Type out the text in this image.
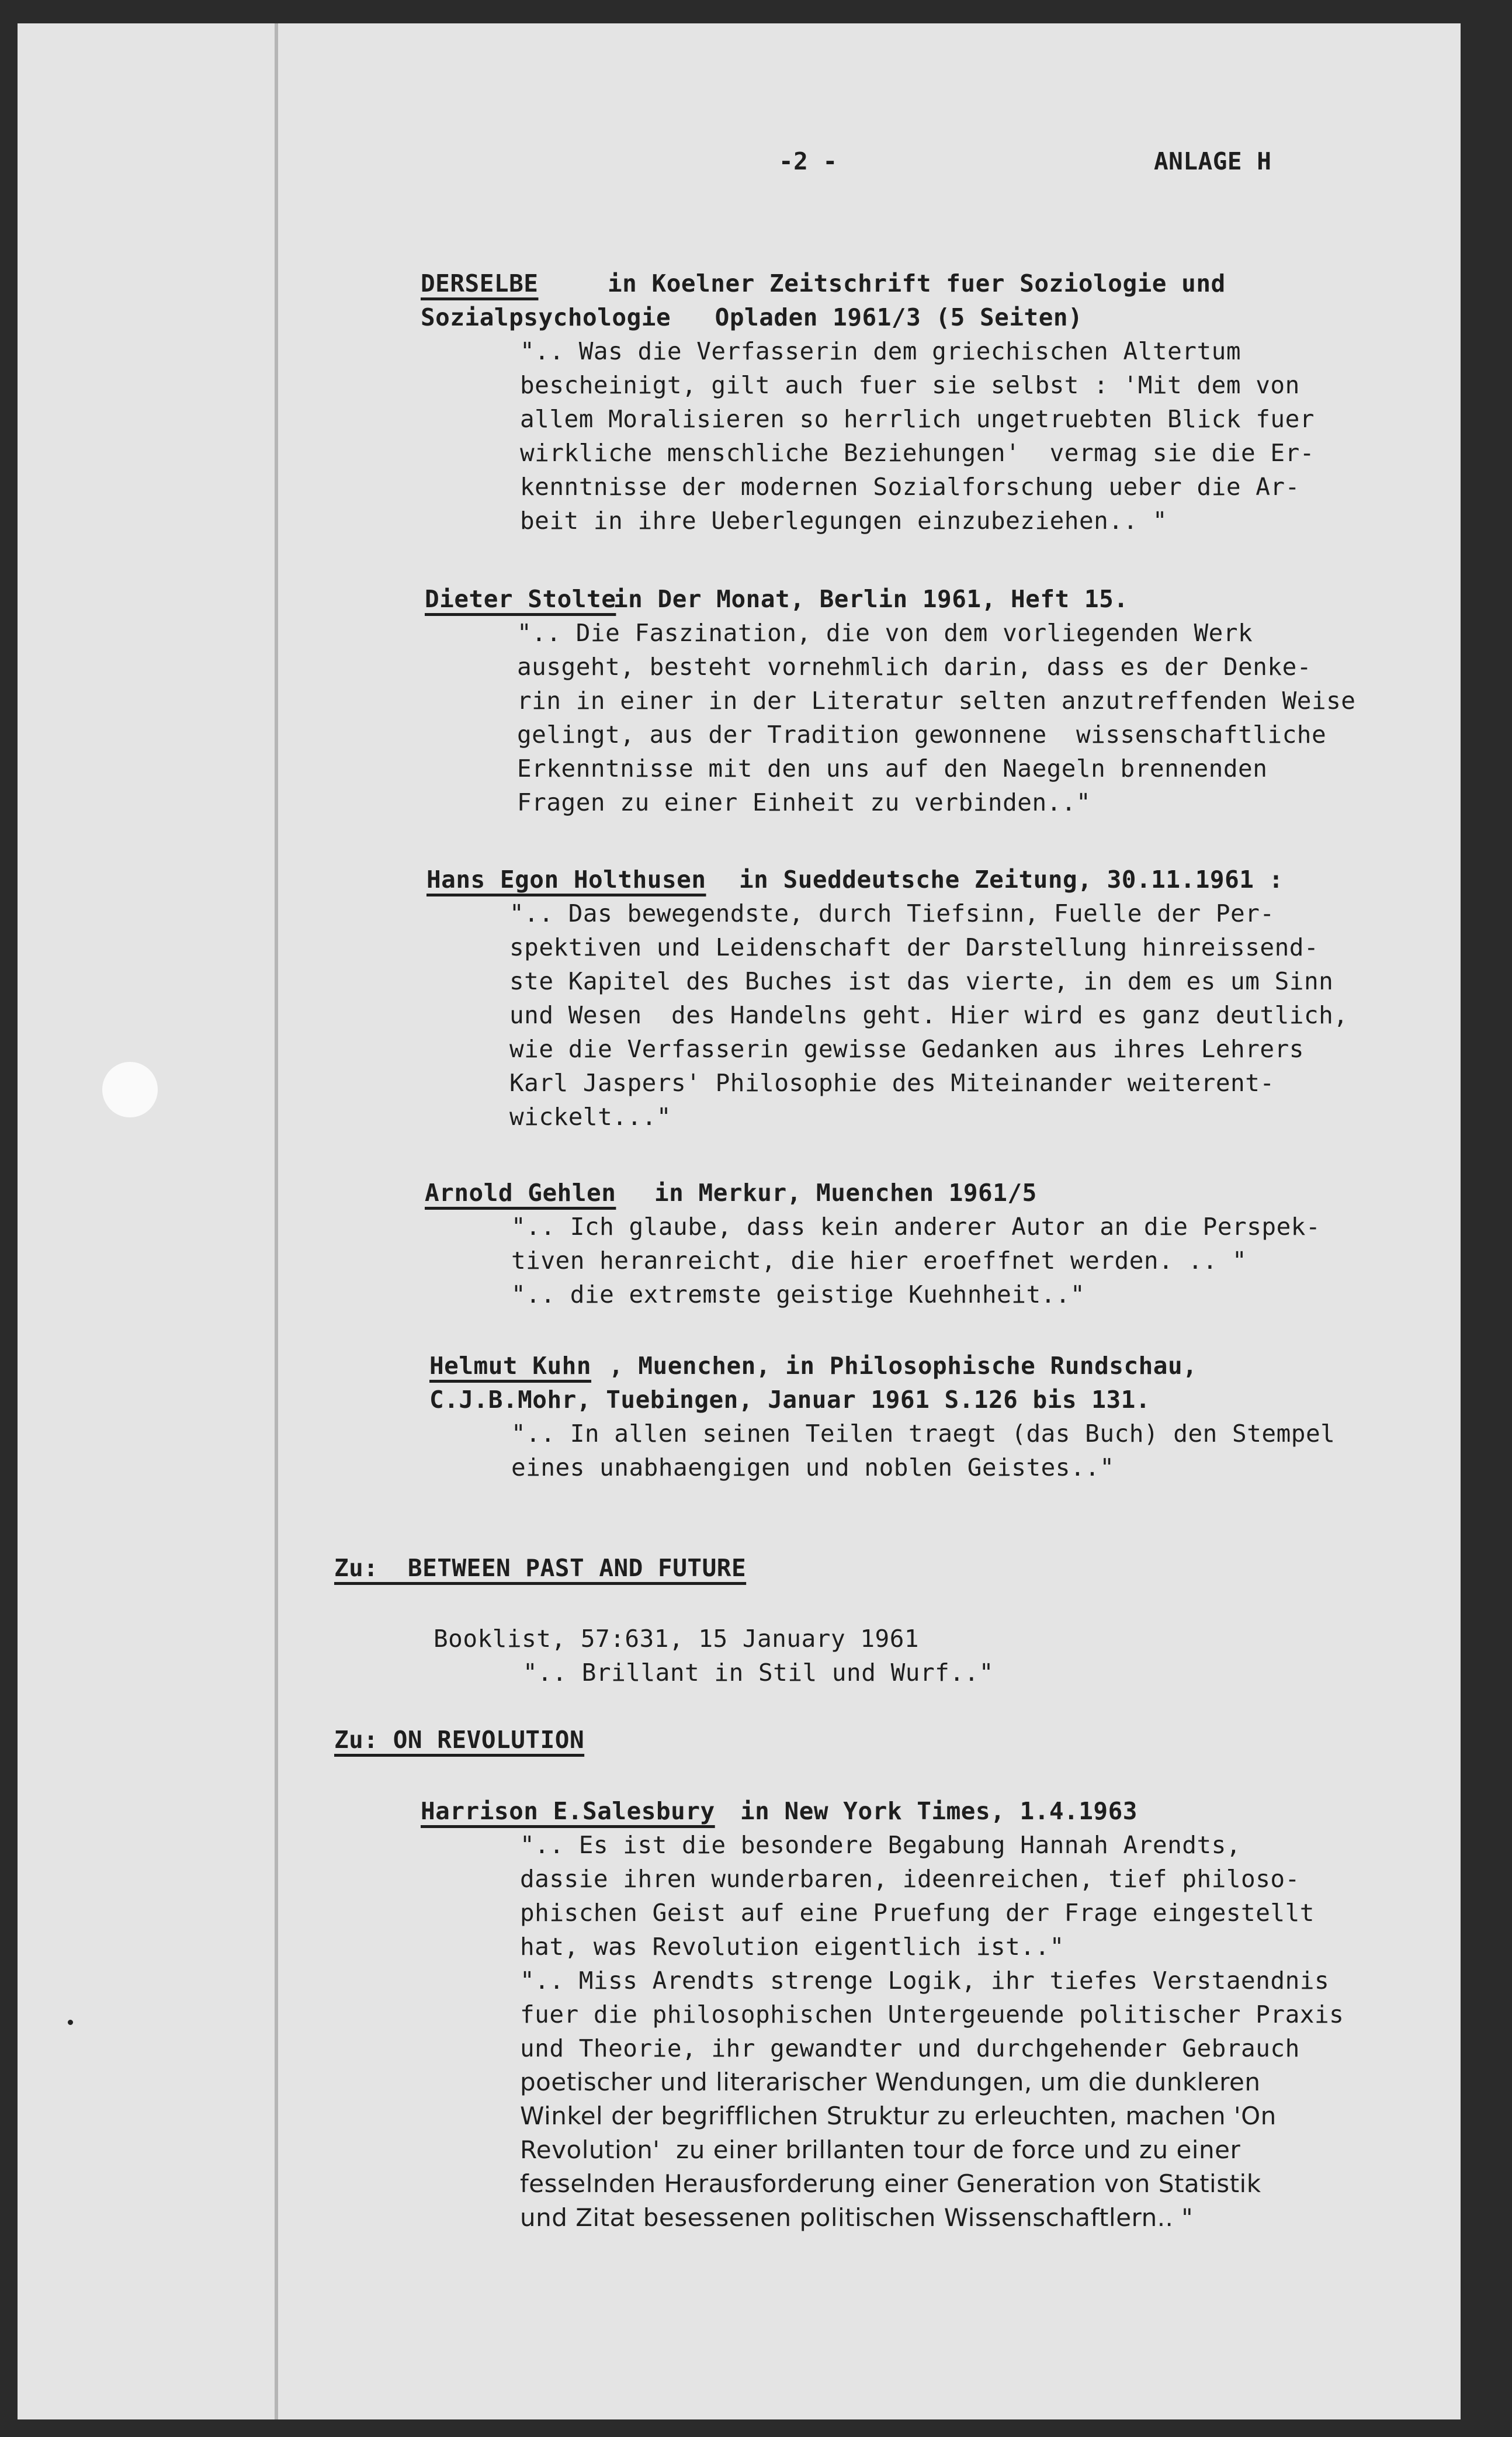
-2 -	ANLAGE H

DERSELBE	in Koelner Zeitschrift fuer Soziologie und

Sozialpsychologie   Opladen 1961/3 (5 Seiten)

".. Was die Verfasserin dem griechischen Altertum

bescheinigt, gilt auch fuer sie selbst : 'Mit dem von

allem Moralisieren so herrlich ungetruebten Blick fuer

wirkliche menschliche Beziehungen'  vermag sie die Er-

kenntnisse der modernen Sozialforschung ueber die Ar-

beit in ihre Ueberlegungen einzubeziehen.. "

Dieter Stolte

in Der Monat, Berlin 1961, Heft 15.

".. Die Faszination, die von dem vorliegenden Werk

ausgeht, besteht vornehmlich darin, dass es der Denke-

rin in einer in der Literatur selten anzutreffenden Weise

gelingt, aus der Tradition gewonnene  wissenschaftliche

Erkenntnisse mit den uns auf den Naegeln brennenden

Fragen zu einer Einheit zu verbinden.."

Hans Egon Holthusen in Sueddeutsche Zeitung, 30.11.1961 :

".. Das bewegendste, durch Tiefsinn, Fuelle der Per-

spektiven und Leidenschaft der Darstellung hinreissend-

ste Kapitel des Buches ist das vierte, in dem es um Sinn

und Wesen  des Handelns geht. Hier wird es ganz deutlich,

wie die Verfasserin gewisse Gedanken aus ihres Lehrers

Karl Jaspers' Philosophie des Miteinander weiterent-

wickelt..."

Arnold Gehlen in Merkur, Muenchen 1961/5

".. Ich glaube, dass kein anderer Autor an die Perspek-

tiven heranreicht, die hier eroeffnet werden. .. "

".. die extremste geistige Kuehnheit.."

Helmut Kuhn , Muenchen, in Philosophische Rundschau,

C.J.B.Mohr, Tuebingen, Januar 1961 S.126 bis 131.

".. In allen seinen Teilen traegt (das Buch) den Stempel

eines unabhaengigen und noblen Geistes.."

Zu:  BETWEEN PAST AND FUTURE

Booklist, 57:631, 15 January 1961

".. Brillant in Stil und Wurf.."

Zu: ON REVOLUTION

Harrison E.Salesbury in New York Times, 1.4.1963

".. Es ist die besondere Begabung Hannah Arendts,

dassie ihren wunderbaren, ideenreichen, tief philoso-

phischen Geist auf eine Pruefung der Frage eingestellt

hat, was Revolution eigentlich ist.."

".. Miss Arendts strenge Logik, ihr tiefes Verstaendnis

fuer die philosophischen Untergeuende politischer Praxis

und Theorie, ihr gewandter und durchgehender Gebrauch

poetischer und literarischer Wendungen, um die dunkleren

Winkel der begrifflichen Struktur zu erleuchten, machen 'On

Revolution'  zu einer brillanten tour de force und zu einer

fesselnden Herausforderung einer Generation von Statistik

und Zitat besessenen politischen Wissenschaftlern.. "
